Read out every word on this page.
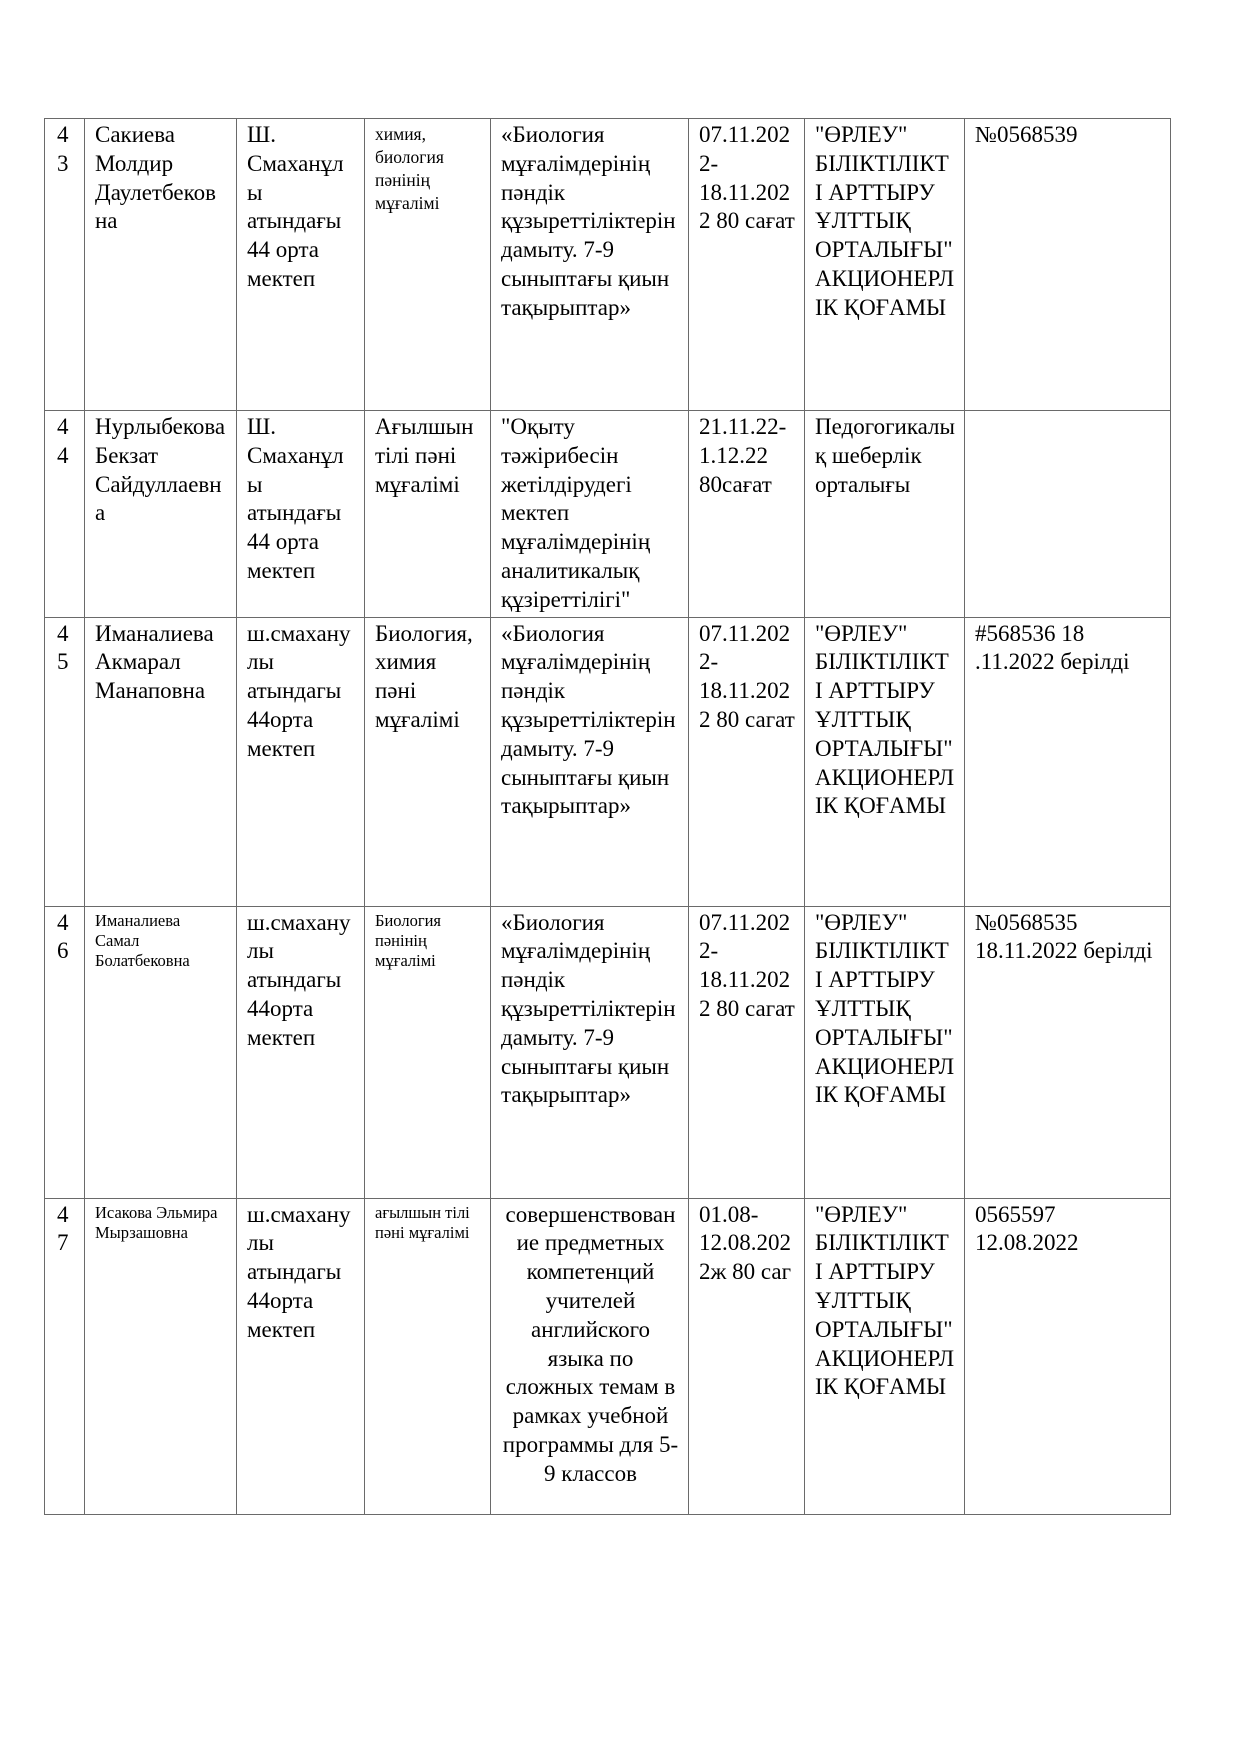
43	Сакиева Молдир Даулетбековна	Ш. Смаханұлы атындағы 44 орта мектеп	химия, биология пәнінің мұғалімі	«Биология мұғалімдерінің пәндік құзыреттіліктерін дамыту. 7-9 сыныптағы қиын тақырыптар»	07.11.2022-18.11.2022 80 сағат	"ӨРЛЕУ" БІЛІКТІЛІКТІ АРТТЫРУ ҰЛТТЫҚ ОРТАЛЫҒЫ" АКЦИОНЕРЛІК ҚОҒАМЫ	№0568539
44	Нурлыбекова Бекзат Сайдуллаевна	Ш. Смаханұлы атындағы 44 орта мектеп	Ағылшын тілі пәні мұғалімі	"Оқыту тәжірибесін жетілдірудегі мектеп мұғалімдерінің аналитикалық құзіреттілігі"	21.11.22-1.12.22 80сағат	Педогогикалық шеберлік орталығы	
45	Иманалиева Акмарал Манаповна	ш.смаханулы атындагы 44орта мектеп	Биология, химия пәні мұғалімі	«Биология мұғалімдерінің пәндік құзыреттіліктерін дамыту. 7-9 сыныптағы қиын тақырыптар»	07.11.2022-18.11.2022 80 сагат	"ӨРЛЕУ" БІЛІКТІЛІКТІ АРТТЫРУ ҰЛТТЫҚ ОРТАЛЫҒЫ" АКЦИОНЕРЛІК ҚОҒАМЫ	#568536 18 .11.2022 берілді
46	Иманалиева Самал Болатбековна	ш.смаханулы атындагы 44орта мектеп	Биология пәнінің мұғалімі	«Биология мұғалімдерінің пәндік құзыреттіліктерін дамыту. 7-9 сыныптағы қиын тақырыптар»	07.11.2022-18.11.2022 80 сагат	"ӨРЛЕУ" БІЛІКТІЛІКТІ АРТТЫРУ ҰЛТТЫҚ ОРТАЛЫҒЫ" АКЦИОНЕРЛІК ҚОҒАМЫ	№0568535 18.11.2022 берілді
47	Исакова Эльмира Мырзашовна	ш.смаханулы атындагы 44орта мектеп	ағылшын тілі пәні мұғалімі	совершенствование предметных компетенций учителей английского языка по сложных темам в рамках учебной программы для 5-9 классов	01.08-12.08.2022ж 80 саг	"ӨРЛЕУ" БІЛІКТІЛІКТІ АРТТЫРУ ҰЛТТЫҚ ОРТАЛЫҒЫ" АКЦИОНЕРЛІК ҚОҒАМЫ	0565597 12.08.2022
